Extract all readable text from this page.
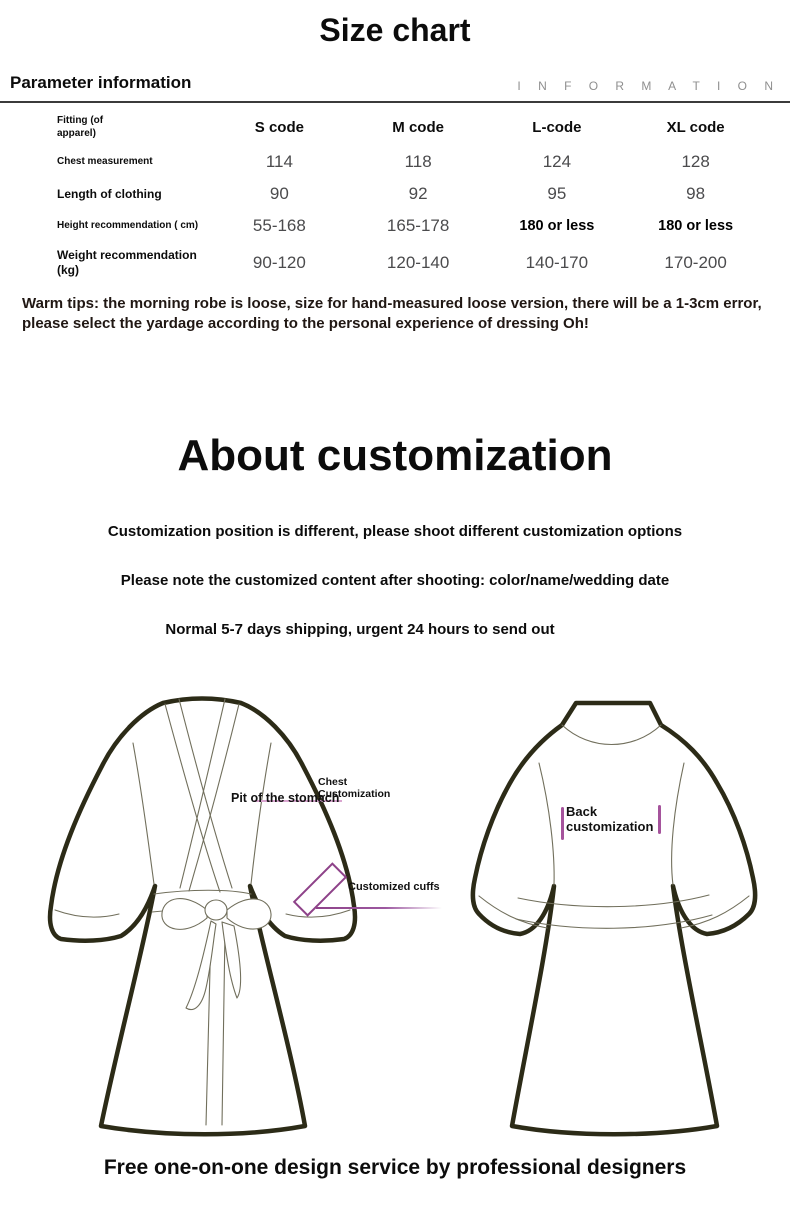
Size chart
Parameter information	I N F O R M A T I O N
Fitting (of apparel)	S code	M code	L-code	XL code
Chest measurement	114	118	124	128
Length of clothing	90	92	95	98
Height recommendation ( cm)	55-168	165-178	180 or less	180 or less
Weight recommendation (kg)	90-120	120-140	140-170	170-200

Warm tips: the morning robe is loose, size for hand-measured loose version, there will be a 1-3cm error, please select the yardage according to the personal experience of dressing Oh!

About customization

Customization position is different, please shoot different customization options

Please note the customized content after shooting: color/name/wedding date

Normal 5-7 days shipping, urgent 24 hours to send out

Chest Customization
Pit of the stomach
Customized cuffs
Back customization

Free one-on-one design service by professional designers
